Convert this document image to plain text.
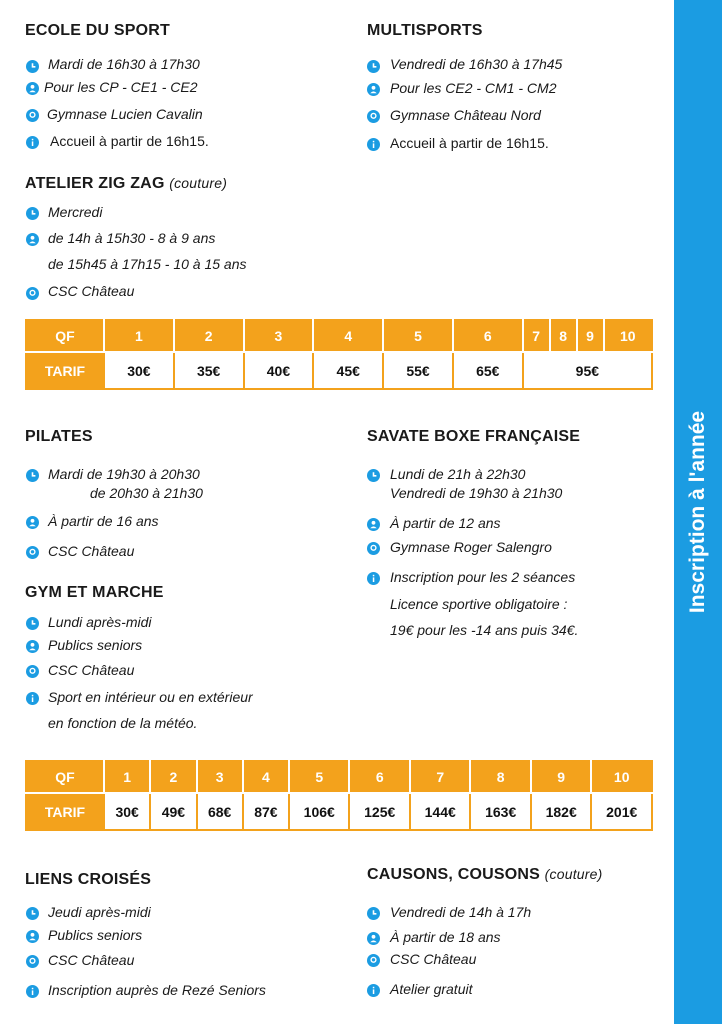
Inscription à l'année
ECOLE DU SPORT
Mardi de 16h30 à 17h30
Pour les CP - CE1 - CE2
Gymnase Lucien Cavalin
Accueil à partir de 16h15.
MULTISPORTS
Vendredi de 16h30 à 17h45
Pour les CE2 - CM1 - CM2
Gymnase Château Nord
Accueil à partir de 16h15.
ATELIER ZIG ZAG (couture)
Mercredi
de 14h à 15h30 - 8 à 9 ans
de 15h45 à 17h15 - 10 à 15 ans
CSC Château
QF	1	2	3	4	5	6	7	8	9	10
TARIF	30€	35€	40€	45€	55€	65€	95€			
PILATES
Mardi de 19h30 à 20h30
de 20h30 à 21h30
À partir de 16 ans
CSC Château
SAVATE BOXE FRANÇAISE
Lundi de 21h à 22h30
Vendredi de 19h30 à 21h30
À partir de 12 ans
Gymnase Roger Salengro
Inscription pour les 2 séances
Licence sportive obligatoire :
19€ pour les -14 ans puis 34€.
GYM ET MARCHE
Lundi après-midi
Publics seniors
CSC Château
Sport en intérieur ou en extérieur
en fonction de la météo.
QF	1	2	3	4	5	6	7	8	9	10
TARIF	30€	49€	68€	87€	106€	125€	144€	163€	182€	201€
LIENS CROISÉS
Jeudi après-midi
Publics seniors
CSC Château
Inscription auprès de Rezé Seniors
CAUSONS, COUSONS (couture)
Vendredi de 14h à 17h
À partir de 18 ans
CSC Château
Atelier gratuit
